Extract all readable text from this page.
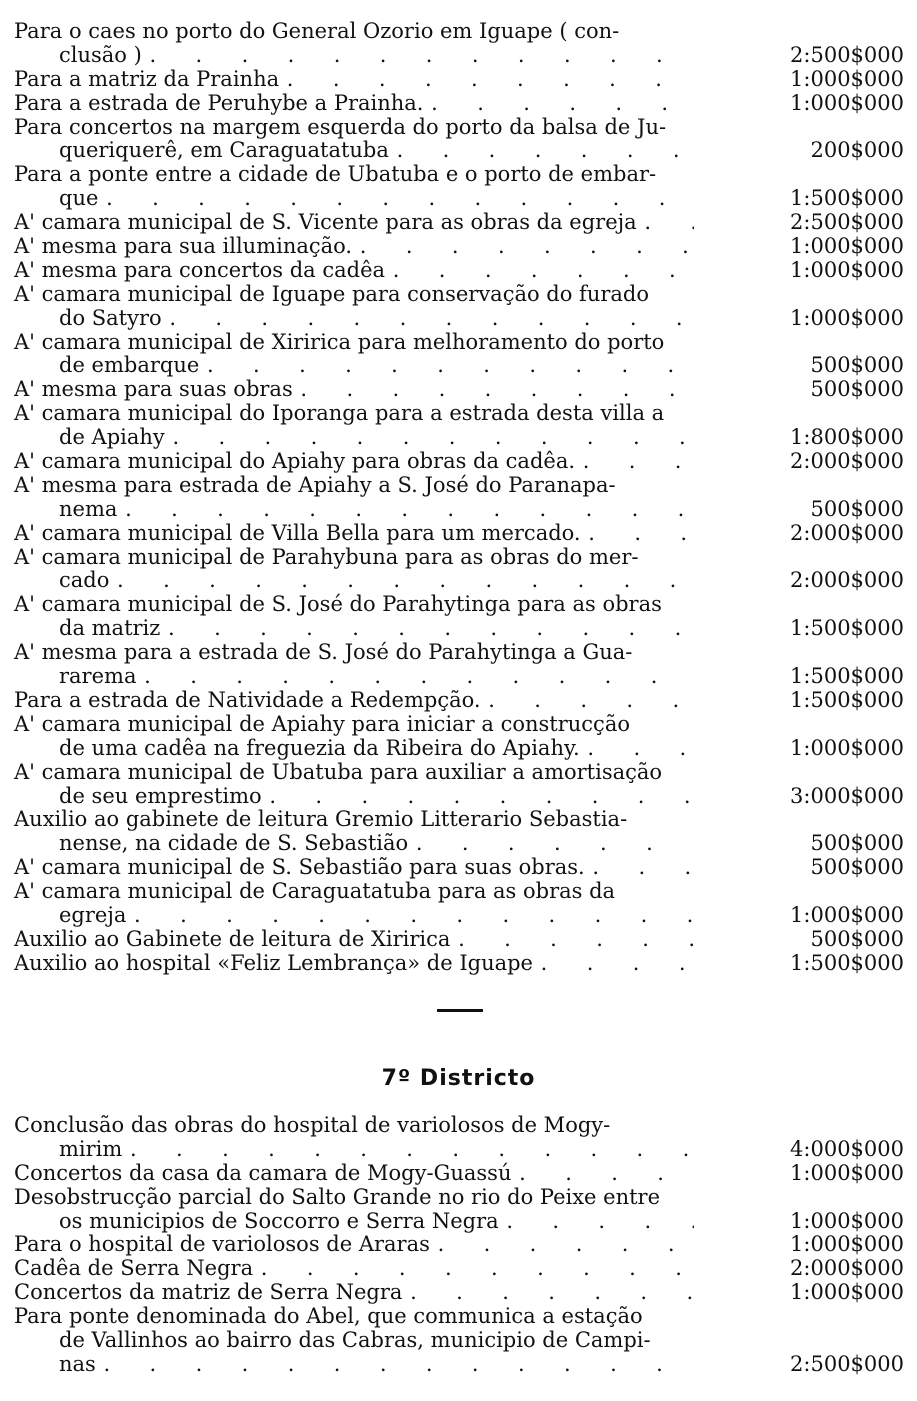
Para o caes no porto do General Ozorio em Iguape ( con-
clusão ) .	2:500$000
Para a matriz da Prainha .	1:000$000
Para a estrada de Peruhybe a Prainha. .	1:000$000
Para concertos na margem esquerda do porto da balsa de Ju-
queriquerê, em Caraguatatuba .	200$000
Para a ponte entre a cidade de Ubatuba e o porto de embar-
que .	1:500$000
A' camara municipal de S. Vicente para as obras da egreja .	2:500$000
A' mesma para sua illuminação. .	1:000$000
A' mesma para concertos da cadêa .	1:000$000
A' camara municipal de Iguape para conservação do furado
do Satyro .	1:000$000
A' camara municipal de Xiririca para melhoramento do porto
de embarque .	500$000
A' mesma para suas obras .	500$000
A' camara municipal do Iporanga para a estrada desta villa a
de Apiahy .	1:800$000
A' camara municipal do Apiahy para obras da cadêa. .	2:000$000
A' mesma para estrada de Apiahy a S. José do Paranapa-
nema .	500$000
A' camara municipal de Villa Bella para um mercado. .	2:000$000
A' camara municipal de Parahybuna para as obras do mer-
cado .	2:000$000
A' camara municipal de S. José do Parahytinga para as obras
da matriz .	1:500$000
A' mesma para a estrada de S. José do Parahytinga a Gua-
rarema .	1:500$000
Para a estrada de Natividade a Redempção. .	1:500$000
A' camara municipal de Apiahy para iniciar a construcção
de uma cadêa na freguezia da Ribeira do Apiahy. .	1:000$000
A' camara municipal de Ubatuba para auxiliar a amortisação
de seu emprestimo .	3:000$000
Auxilio ao gabinete de leitura Gremio Litterario Sebastia-
nense, na cidade de S. Sebastião .	500$000
A' camara municipal de S. Sebastião para suas obras. .	500$000
A' camara municipal de Caraguatatuba para as obras da
egreja .	1:000$000
Auxilio ao Gabinete de leitura de Xiririca .	500$000
Auxilio ao hospital «Feliz Lembrança» de Iguape .	1:500$000
7º Districto
Conclusão das obras do hospital de variolosos de Mogy-
mirim .	4:000$000
Concertos da casa da camara de Mogy-Guassú .	1:000$000
Desobstrucção parcial do Salto Grande no rio do Peixe entre
os municipios de Soccorro e Serra Negra .	1:000$000
Para o hospital de variolosos de Araras .	1:000$000
Cadêa de Serra Negra .	2:000$000
Concertos da matriz de Serra Negra .	1:000$000
Para ponte denominada do Abel, que communica a estação
de Vallinhos ao bairro das Cabras, municipio de Campi-
nas .	2:500$000
